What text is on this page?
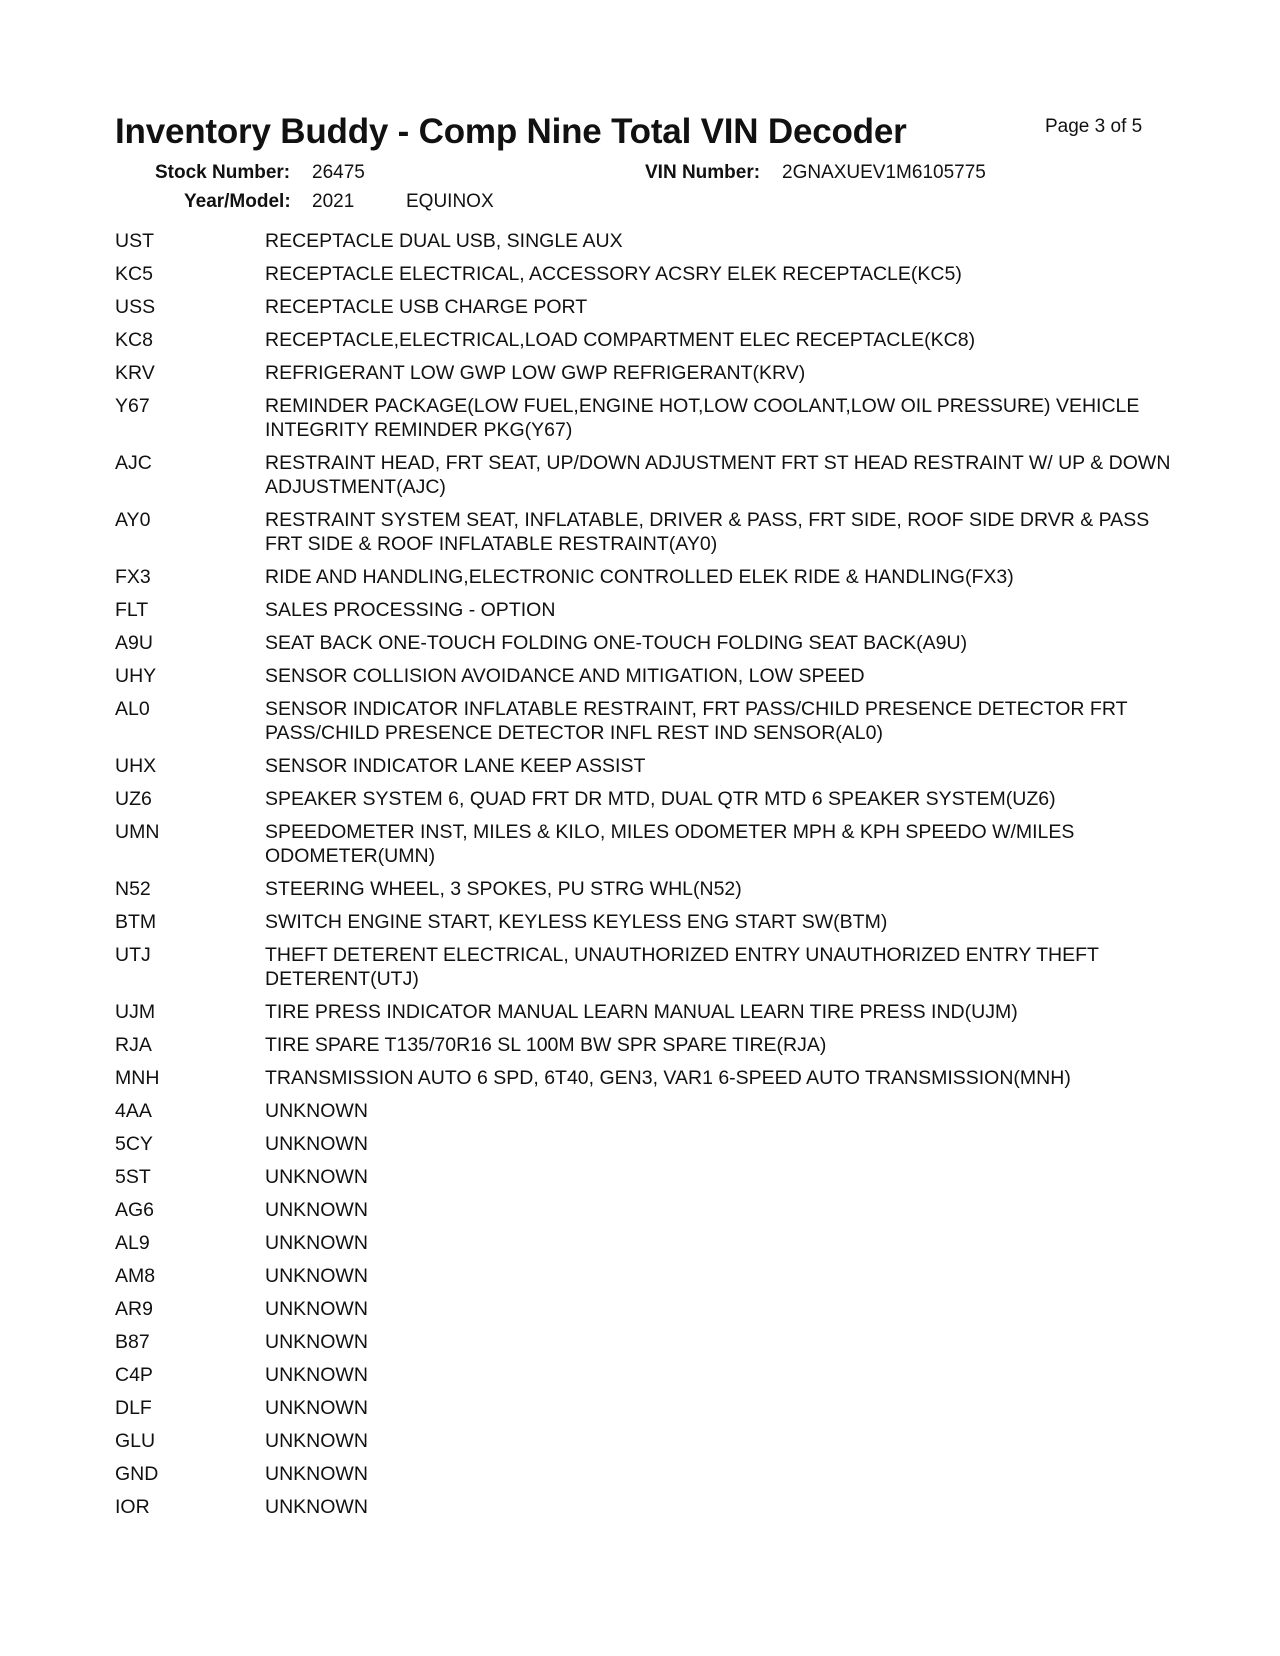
Inventory Buddy - Comp Nine Total VIN Decoder	Page 3 of 5
Stock Number: 26475	VIN Number: 2GNAXUEV1M6105775
Year/Model: 2021	EQUINOX
UST	RECEPTACLE DUAL USB, SINGLE AUX
KC5	RECEPTACLE ELECTRICAL, ACCESSORY ACSRY ELEK RECEPTACLE(KC5)
USS	RECEPTACLE USB CHARGE PORT
KC8	RECEPTACLE,ELECTRICAL,LOAD COMPARTMENT ELEC RECEPTACLE(KC8)
KRV	REFRIGERANT LOW GWP LOW GWP REFRIGERANT(KRV)
Y67	REMINDER PACKAGE(LOW FUEL,ENGINE HOT,LOW COOLANT,LOW OIL PRESSURE) VEHICLE INTEGRITY REMINDER PKG(Y67)
AJC	RESTRAINT HEAD, FRT SEAT, UP/DOWN ADJUSTMENT FRT ST HEAD RESTRAINT W/ UP & DOWN ADJUSTMENT(AJC)
AY0	RESTRAINT SYSTEM SEAT, INFLATABLE, DRIVER & PASS, FRT SIDE, ROOF SIDE DRVR & PASS FRT SIDE & ROOF INFLATABLE RESTRAINT(AY0)
FX3	RIDE AND HANDLING,ELECTRONIC CONTROLLED ELEK RIDE & HANDLING(FX3)
FLT	SALES PROCESSING - OPTION
A9U	SEAT BACK ONE-TOUCH FOLDING ONE-TOUCH FOLDING SEAT BACK(A9U)
UHY	SENSOR COLLISION AVOIDANCE AND MITIGATION, LOW SPEED
AL0	SENSOR INDICATOR INFLATABLE RESTRAINT, FRT PASS/CHILD PRESENCE DETECTOR FRT PASS/CHILD PRESENCE DETECTOR INFL REST IND SENSOR(AL0)
UHX	SENSOR INDICATOR LANE KEEP ASSIST
UZ6	SPEAKER SYSTEM 6, QUAD FRT DR MTD, DUAL QTR MTD 6 SPEAKER SYSTEM(UZ6)
UMN	SPEEDOMETER INST, MILES & KILO, MILES ODOMETER MPH & KPH SPEEDO W/MILES ODOMETER(UMN)
N52	STEERING WHEEL, 3 SPOKES, PU STRG WHL(N52)
BTM	SWITCH ENGINE START, KEYLESS KEYLESS ENG START SW(BTM)
UTJ	THEFT DETERENT ELECTRICAL, UNAUTHORIZED ENTRY UNAUTHORIZED ENTRY THEFT DETERENT(UTJ)
UJM	TIRE PRESS INDICATOR MANUAL LEARN MANUAL LEARN TIRE PRESS IND(UJM)
RJA	TIRE SPARE T135/70R16 SL 100M BW SPR SPARE TIRE(RJA)
MNH	TRANSMISSION AUTO 6 SPD, 6T40, GEN3, VAR1 6-SPEED AUTO TRANSMISSION(MNH)
4AA	UNKNOWN
5CY	UNKNOWN
5ST	UNKNOWN
AG6	UNKNOWN
AL9	UNKNOWN
AM8	UNKNOWN
AR9	UNKNOWN
B87	UNKNOWN
C4P	UNKNOWN
DLF	UNKNOWN
GLU	UNKNOWN
GND	UNKNOWN
IOR	UNKNOWN
